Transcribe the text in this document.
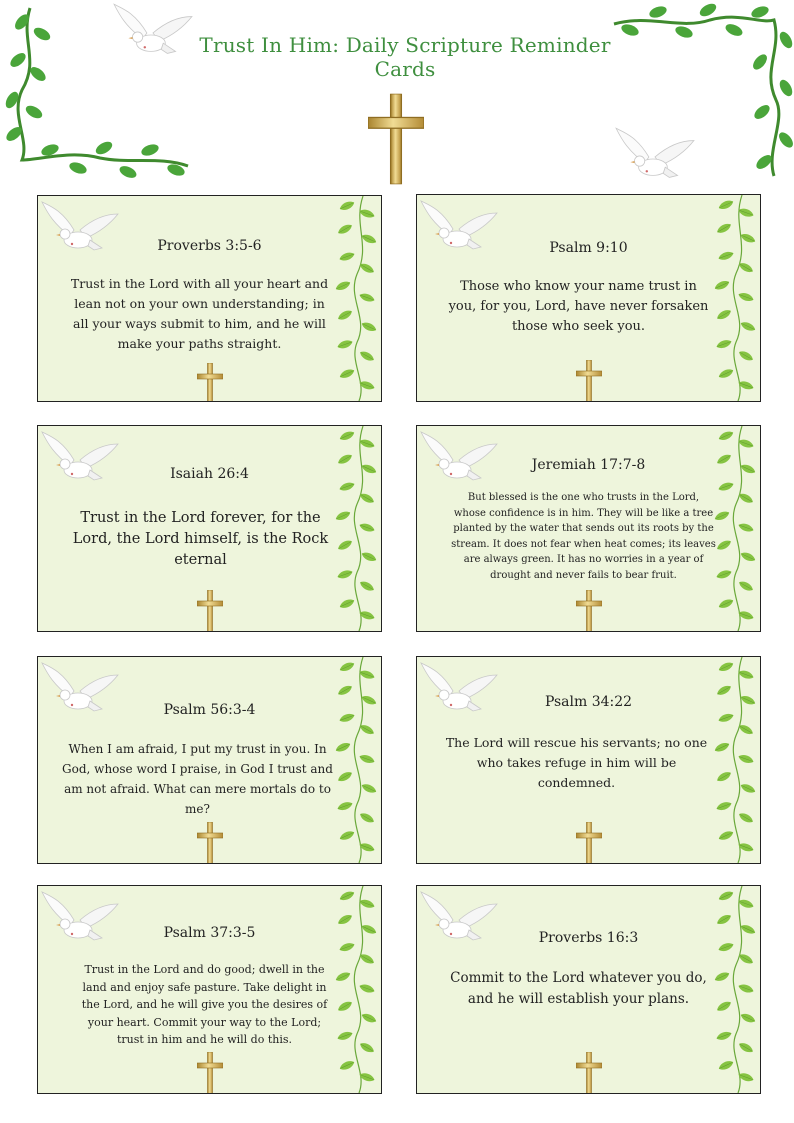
Trust In Him: Daily Scripture Reminder Cards
Proverbs 3:5-6
Trust in the Lord with all your heart and lean not on your own understanding; in all your ways submit to him, and he will make your paths straight.
Psalm 9:10
Those who know your name trust in you, for you, Lord, have never forsaken those who seek you.
Isaiah 26:4
Trust in the Lord forever, for the Lord, the Lord himself, is the Rock eternal
Jeremiah 17:7-8
But blessed is the one who trusts in the Lord, whose confidence is in him. They will be like a tree planted by the water that sends out its roots by the stream. It does not fear when heat comes; its leaves are always green. It has no worries in a year of drought and never fails to bear fruit.
Psalm 56:3-4
When I am afraid, I put my trust in you. In God, whose word I praise, in God I trust and am not afraid. What can mere mortals do to me?
Psalm 34:22
The Lord will rescue his servants; no one who takes refuge in him will be condemned.
Psalm 37:3-5
Trust in the Lord and do good; dwell in the land and enjoy safe pasture. Take delight in the Lord, and he will give you the desires of your heart. Commit your way to the Lord; trust in him and he will do this.
Proverbs 16:3
Commit to the Lord whatever you do, and he will establish your plans.
